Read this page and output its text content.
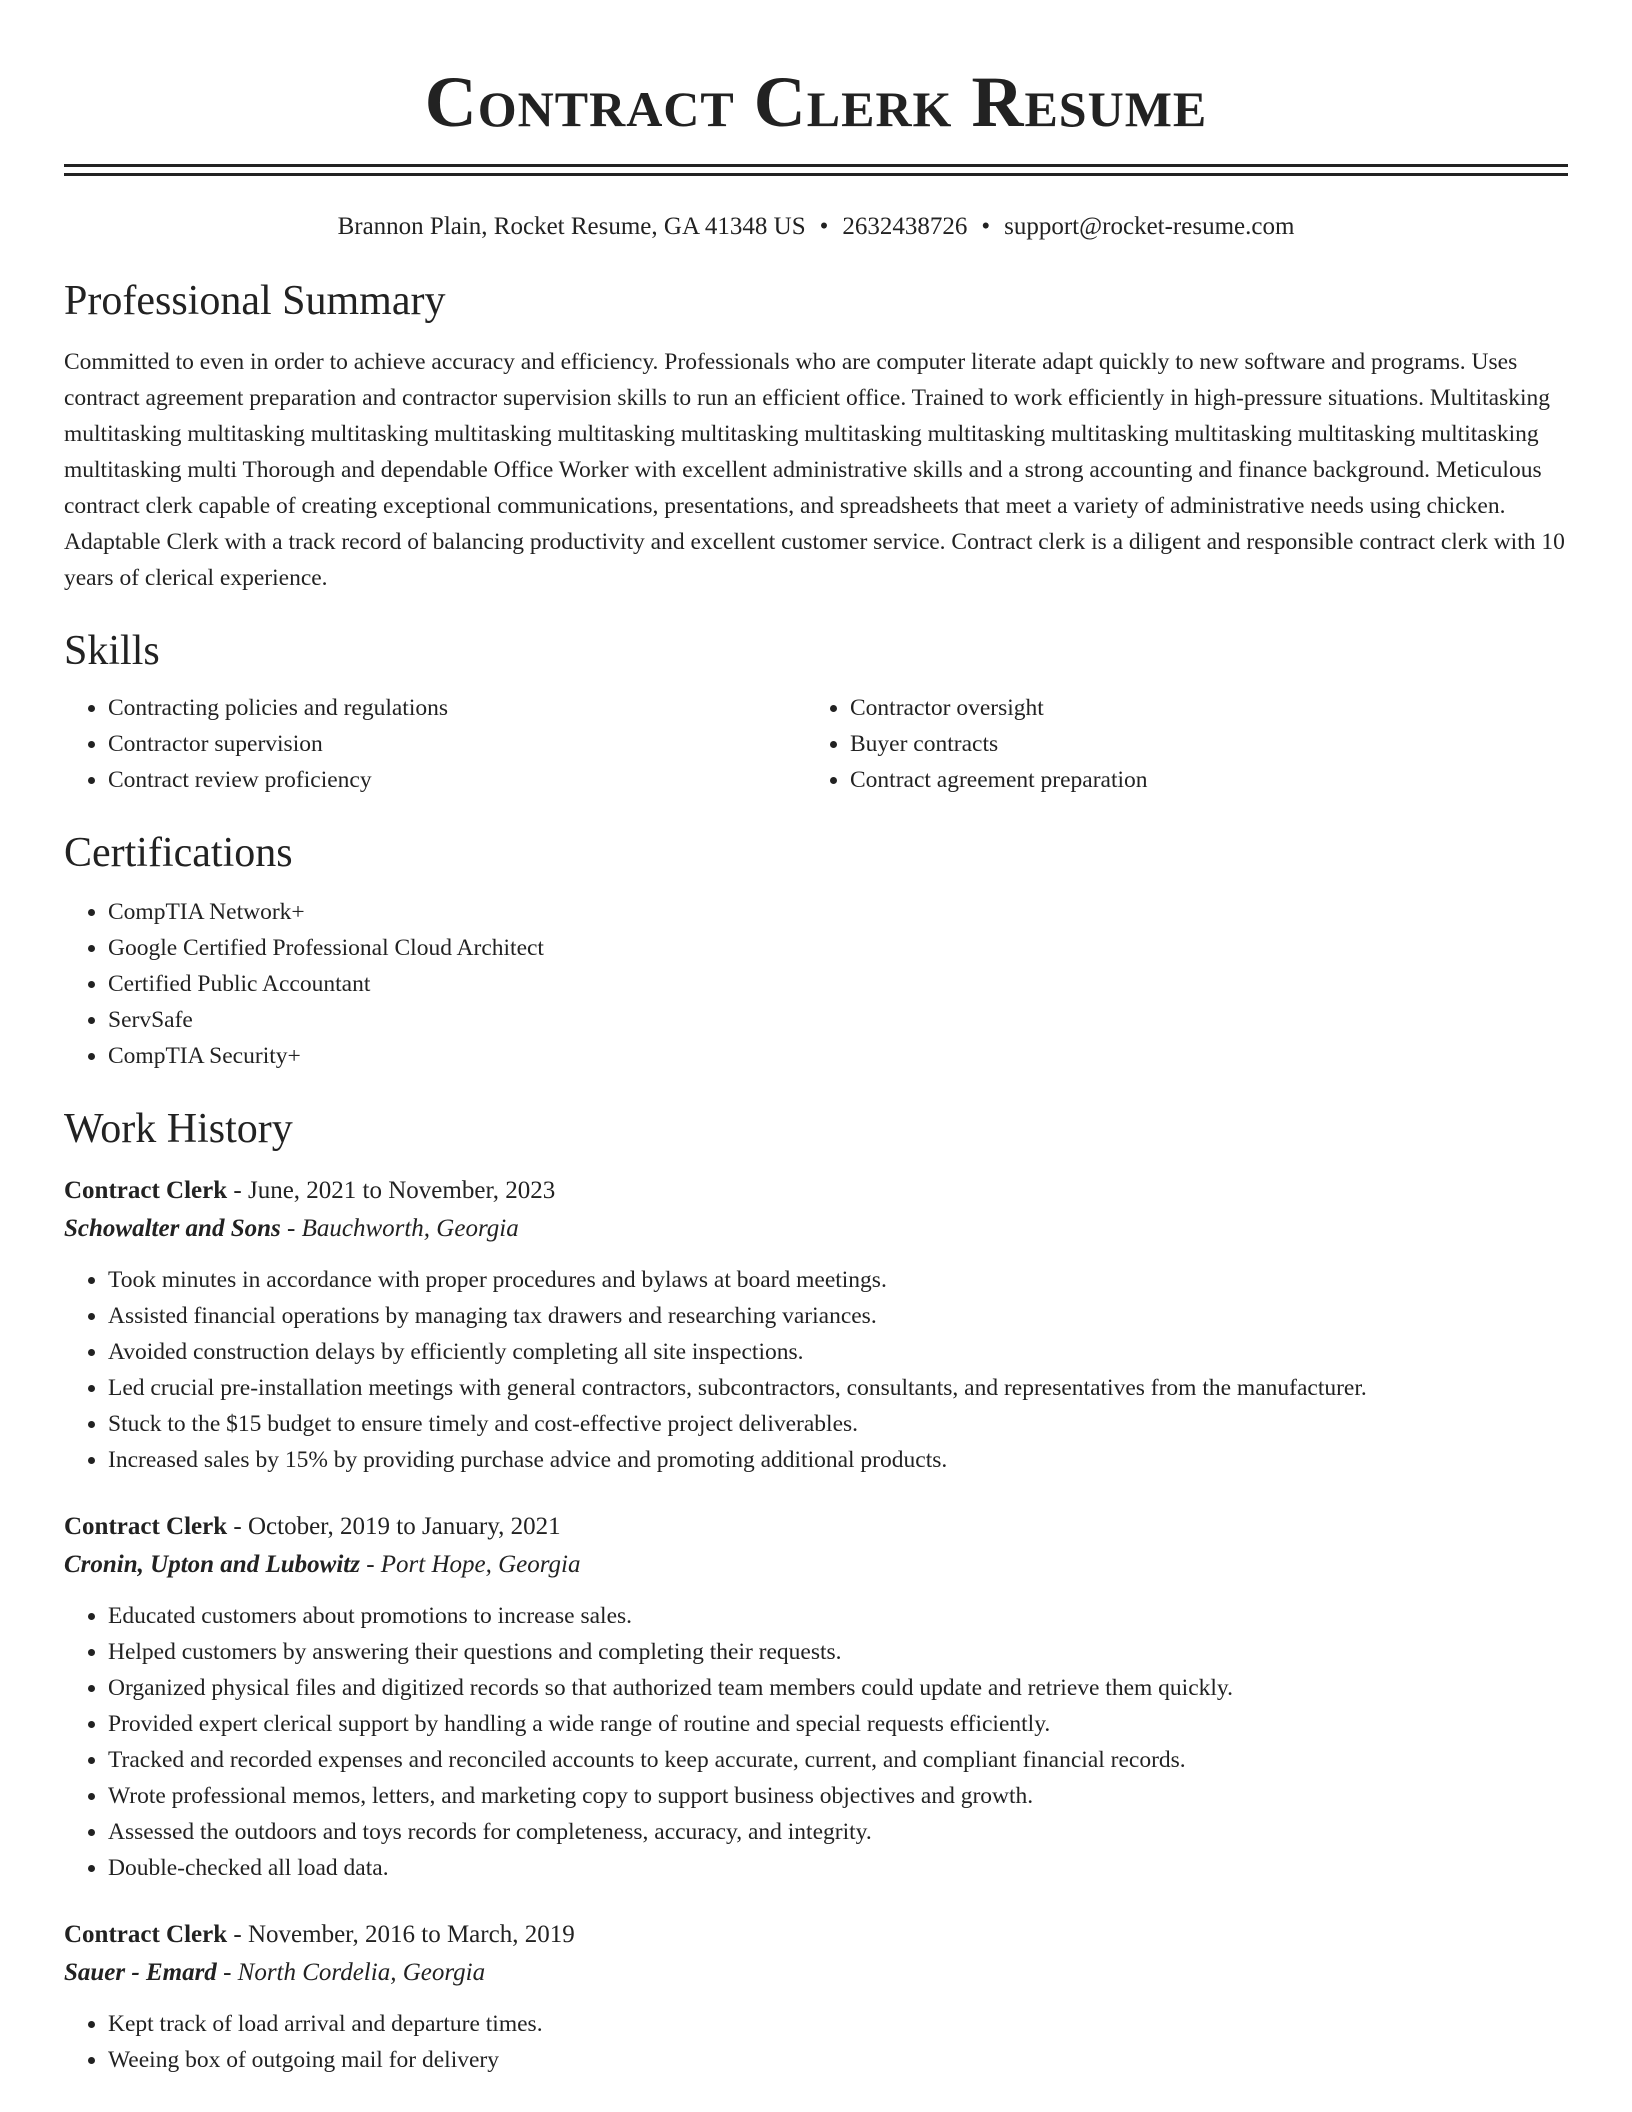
Contract Clerk Resume
Brannon Plain, Rocket Resume, GA 41348 US • 2632438726 • support@rocket-resume.com
Professional Summary

Committed to even in order to achieve accuracy and efficiency. Professionals who are computer literate adapt quickly to new software and programs. Uses contract agreement preparation and contractor supervision skills to run an efficient office. Trained to work efficiently in high-pressure situations. Multitasking multitasking multitasking multitasking multitasking multitasking multitasking multitasking multitasking multitasking multitasking multitasking multitasking multitasking multi Thorough and dependable Office Worker with excellent administrative skills and a strong accounting and finance background. Meticulous contract clerk capable of creating exceptional communications, presentations, and spreadsheets that meet a variety of administrative needs using chicken. Adaptable Clerk with a track record of balancing productivity and excellent customer service. Contract clerk is a diligent and responsible contract clerk with 10 years of clerical experience.

Skills
• Contracting policies and regulations
• Contractor supervision
• Contract review proficiency
• Contractor oversight
• Buyer contracts
• Contract agreement preparation
Certifications
• CompTIA Network+
• Google Certified Professional Cloud Architect
• Certified Public Accountant
• ServSafe
• CompTIA Security+
Work History
Contract Clerk - June, 2021 to November, 2023
Schowalter and Sons - Bauchworth, Georgia
• Took minutes in accordance with proper procedures and bylaws at board meetings.
• Assisted financial operations by managing tax drawers and researching variances.
• Avoided construction delays by efficiently completing all site inspections.
• Led crucial pre-installation meetings with general contractors, subcontractors, consultants, and representatives from the manufacturer.
• Stuck to the $15 budget to ensure timely and cost-effective project deliverables.
• Increased sales by 15% by providing purchase advice and promoting additional products.
Contract Clerk - October, 2019 to January, 2021
Cronin, Upton and Lubowitz - Port Hope, Georgia
• Educated customers about promotions to increase sales.
• Helped customers by answering their questions and completing their requests.
• Organized physical files and digitized records so that authorized team members could update and retrieve them quickly.
• Provided expert clerical support by handling a wide range of routine and special requests efficiently.
• Tracked and recorded expenses and reconciled accounts to keep accurate, current, and compliant financial records.
• Wrote professional memos, letters, and marketing copy to support business objectives and growth.
• Assessed the outdoors and toys records for completeness, accuracy, and integrity.
• Double-checked all load data.
Contract Clerk - November, 2016 to March, 2019
Sauer - Emard - North Cordelia, Georgia
• Kept track of load arrival and departure times.
• Weeing box of outgoing mail for delivery
